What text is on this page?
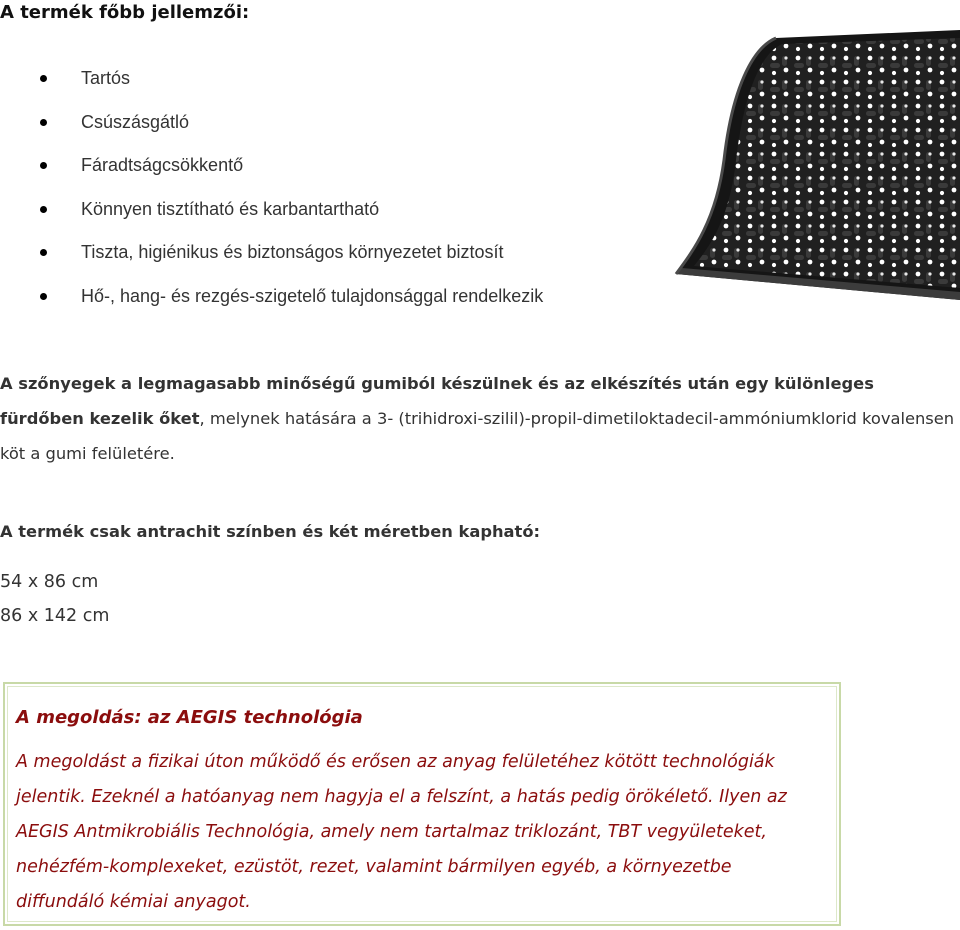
A termék főbb jellemzői:
Tartós
Csúszásgátló
Fáradtságcsökkentő
Könnyen tisztítható és karbantartható
Tiszta, higiénikus és biztonságos környezetet biztosít
Hő-, hang- és rezgés-szigetelő tulajdonsággal rendelkezik

A szőnyegek a legmagasabb minőségű gumiból készülnek és az elkészítés után egy különleges fürdőben kezelik őket, melynek hatására a 3- (trihidroxi-szilil)-propil-dimetiloktadecil-ammóniumklorid kovalensen köt a gumi felületére.

A termék csak antrachit színben és két méretben kapható:

54 x 86 cm

86 x 142 cm

A megoldás: az AEGIS technológia

A megoldást a fizikai úton működő és erősen az anyag felületéhez kötött technológiák jelentik. Ezeknél a hatóanyag nem hagyja el a felszínt, a hatás pedig örökélető. Ilyen az AEGIS Antmikrobiális Technológia, amely nem tartalmaz triklozánt, TBT vegyületeket, nehézfém-komplexeket, ezüstöt, rezet, valamint bármilyen egyéb, a környezetbe diffundáló kémiai anyagot.
